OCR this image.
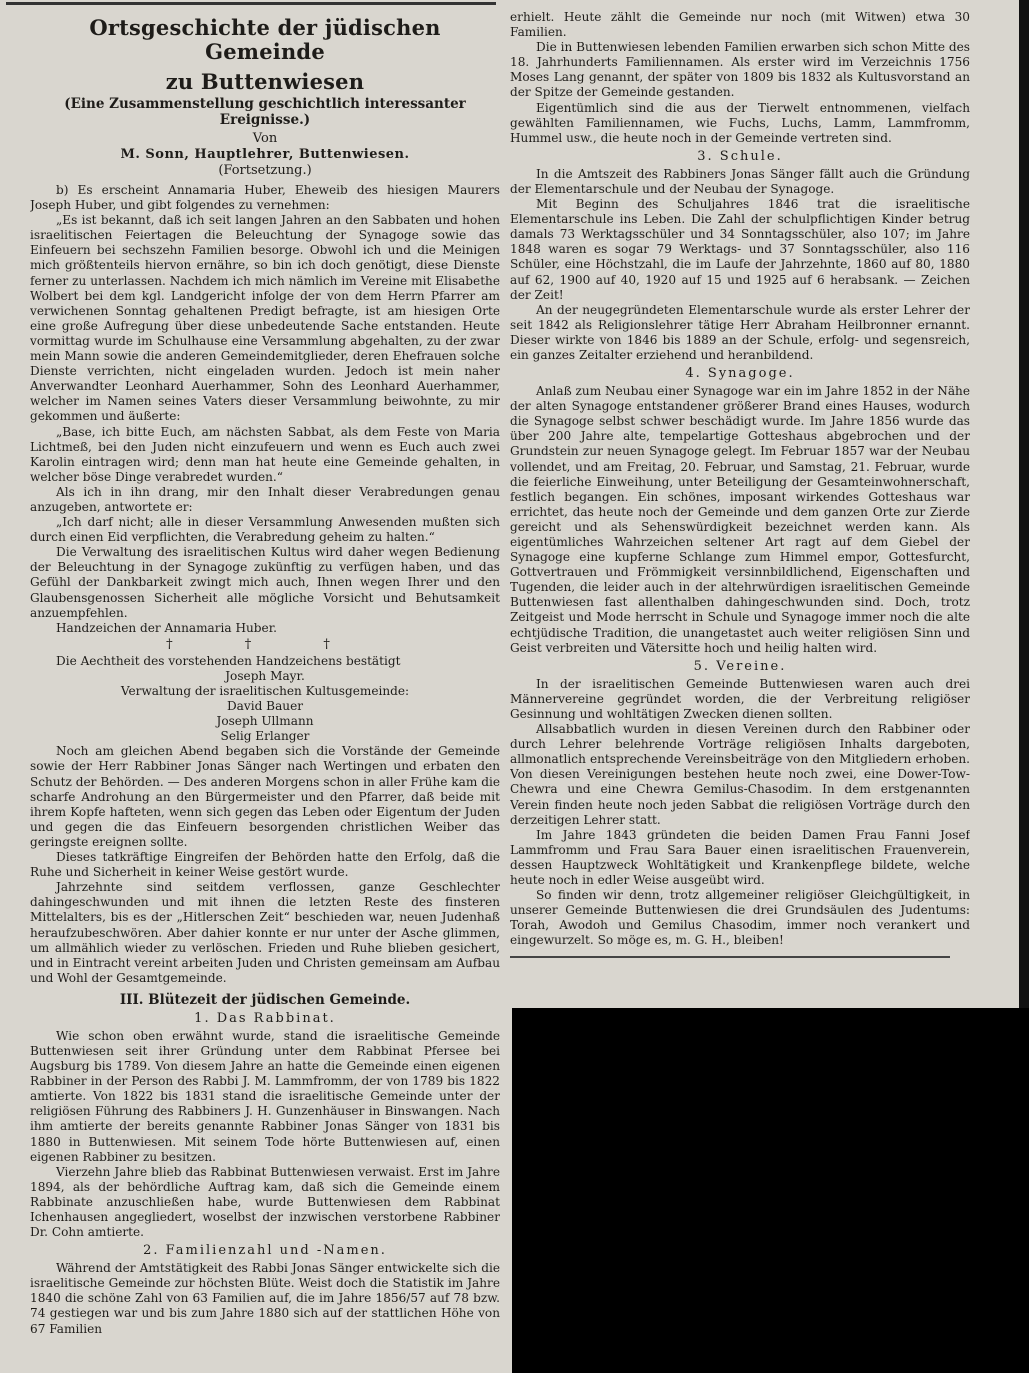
Ortsgeschichte der jüdischen Gemeinde
zu Buttenwiesen
(Eine Zusammenstellung geschichtlich interessanter Ereignisse.)
Von
M. Sonn, Hauptlehrer, Buttenwiesen.
(Fortsetzung.)

b) Es erscheint Annamaria Huber, Eheweib des hiesigen Maurers Joseph Huber, und gibt folgendes zu vernehmen:

„Es ist bekannt, daß ich seit langen Jahren an den Sabbaten und hohen israelitischen Feiertagen die Beleuchtung der Synagoge sowie das Einfeuern bei sechszehn Familien besorge. Obwohl ich und die Meinigen mich größtenteils hiervon ernähre, so bin ich doch genötigt, diese Dienste ferner zu unterlassen. Nachdem ich mich nämlich im Vereine mit Elisabethe Wolbert bei dem kgl. Landgericht infolge der von dem Herrn Pfarrer am verwichenen Sonntag gehaltenen Predigt befragte, ist am hiesigen Orte eine große Aufregung über diese unbedeutende Sache entstanden. Heute vormittag wurde im Schulhause eine Versammlung abgehalten, zu der zwar mein Mann sowie die anderen Gemeindemitglieder, deren Ehefrauen solche Dienste verrichten, nicht eingeladen wurden. Jedoch ist mein naher Anverwandter Leonhard Auerhammer, Sohn des Leonhard Auerhammer, welcher im Namen seines Vaters dieser Versammlung beiwohnte, zu mir gekommen und äußerte:

„Base, ich bitte Euch, am nächsten Sabbat, als dem Feste von Maria Lichtmeß, bei den Juden nicht einzufeuern und wenn es Euch auch zwei Karolin eintragen wird; denn man hat heute eine Gemeinde gehalten, in welcher böse Dinge verabredet wurden.“

Als ich in ihn drang, mir den Inhalt dieser Verabredungen genau anzugeben, antwortete er:

„Ich darf nicht; alle in dieser Versammlung Anwesenden mußten sich durch einen Eid verpflichten, die Verabredung geheim zu halten.“

Die Verwaltung des israelitischen Kultus wird daher wegen Bedienung der Beleuchtung in der Synagoge zukünftig zu verfügen haben, und das Gefühl der Dankbarkeit zwingt mich auch, Ihnen wegen Ihrer und den Glaubensgenossen Sicherheit alle mögliche Vorsicht und Behutsamkeit anzuempfehlen.

Handzeichen der Annamaria Huber.

† † †

Die Aechtheit des vorstehenden Handzeichens bestätigt

Joseph Mayr.
Verwaltung der israelitischen Kultusgemeinde:
David Bauer
Joseph Ullmann
Selig Erlanger

Noch am gleichen Abend begaben sich die Vorstände der Gemeinde sowie der Herr Rabbiner Jonas Sänger nach Wertingen und erbaten den Schutz der Behörden. — Des anderen Morgens schon in aller Frühe kam die scharfe Androhung an den Bürgermeister und den Pfarrer, daß beide mit ihrem Kopfe hafteten, wenn sich gegen das Leben oder Eigentum der Juden und gegen die das Einfeuern besorgenden christlichen Weiber das geringste ereignen sollte.

Dieses tatkräftige Eingreifen der Behörden hatte den Erfolg, daß die Ruhe und Sicherheit in keiner Weise gestört wurde.

Jahrzehnte sind seitdem verflossen, ganze Geschlechter dahingeschwunden und mit ihnen die letzten Reste des finsteren Mittelalters, bis es der „Hitlerschen Zeit“ beschieden war, neuen Judenhaß heraufzubeschwören. Aber dahier konnte er nur unter der Asche glimmen, um allmählich wieder zu verlöschen. Frieden und Ruhe blieben gesichert, und in Eintracht vereint arbeiten Juden und Christen gemeinsam am Aufbau und Wohl der Gesamtgemeinde.

III. Blütezeit der jüdischen Gemeinde.
1. Das Rabbinat.

Wie schon oben erwähnt wurde, stand die israelitische Gemeinde Buttenwiesen seit ihrer Gründung unter dem Rabbinat Pfersee bei Augsburg bis 1789. Von diesem Jahre an hatte die Gemeinde einen eigenen Rabbiner in der Person des Rabbi J. M. Lammfromm, der von 1789 bis 1822 amtierte. Von 1822 bis 1831 stand die israelitische Gemeinde unter der religiösen Führung des Rabbiners J. H. Gunzenhäuser in Binswangen. Nach ihm amtierte der bereits genannte Rabbiner Jonas Sänger von 1831 bis 1880 in Buttenwiesen. Mit seinem Tode hörte Buttenwiesen auf, einen eigenen Rabbiner zu besitzen.

Vierzehn Jahre blieb das Rabbinat Buttenwiesen verwaist. Erst im Jahre 1894, als der behördliche Auftrag kam, daß sich die Gemeinde einem Rabbinate anzuschließen habe, wurde Buttenwiesen dem Rabbinat Ichenhausen angegliedert, woselbst der inzwischen verstorbene Rabbiner Dr. Cohn amtierte.

2. Familienzahl und -Namen.

Während der Amtstätigkeit des Rabbi Jonas Sänger entwickelte sich die israelitische Gemeinde zur höchsten Blüte. Weist doch die Statistik im Jahre 1840 die schöne Zahl von 63 Familien auf, die im Jahre 1856/57 auf 78 bzw. 74 gestiegen war und bis zum Jahre 1880 sich auf der stattlichen Höhe von 67 Familien

erhielt. Heute zählt die Gemeinde nur noch (mit Witwen) etwa 30 Familien.

Die in Buttenwiesen lebenden Familien erwarben sich schon Mitte des 18. Jahrhunderts Familiennamen. Als erster wird im Verzeichnis 1756 Moses Lang genannt, der später von 1809 bis 1832 als Kultusvorstand an der Spitze der Gemeinde gestanden.

Eigentümlich sind die aus der Tierwelt entnommenen, vielfach gewählten Familiennamen, wie Fuchs, Luchs, Lamm, Lammfromm, Hummel usw., die heute noch in der Gemeinde vertreten sind.

3. Schule.

In die Amtszeit des Rabbiners Jonas Sänger fällt auch die Gründung der Elementarschule und der Neubau der Synagoge.

Mit Beginn des Schuljahres 1846 trat die israelitische Elementarschule ins Leben. Die Zahl der schulpflichtigen Kinder betrug damals 73 Werktagsschüler und 34 Sonntagsschüler, also 107; im Jahre 1848 waren es sogar 79 Werktags- und 37 Sonntagsschüler, also 116 Schüler, eine Höchstzahl, die im Laufe der Jahrzehnte, 1860 auf 80, 1880 auf 62, 1900 auf 40, 1920 auf 15 und 1925 auf 6 herabsank. — Zeichen der Zeit!

An der neugegründeten Elementarschule wurde als erster Lehrer der seit 1842 als Religionslehrer tätige Herr Abraham Heilbronner ernannt. Dieser wirkte von 1846 bis 1889 an der Schule, erfolg- und segensreich, ein ganzes Zeitalter erziehend und heranbildend.

4. Synagoge.

Anlaß zum Neubau einer Synagoge war ein im Jahre 1852 in der Nähe der alten Synagoge entstandener größerer Brand eines Hauses, wodurch die Synagoge selbst schwer beschädigt wurde. Im Jahre 1856 wurde das über 200 Jahre alte, tempelartige Gotteshaus abgebrochen und der Grundstein zur neuen Synagoge gelegt. Im Februar 1857 war der Neubau vollendet, und am Freitag, 20. Februar, und Samstag, 21. Februar, wurde die feierliche Einweihung, unter Beteiligung der Gesamteinwohnerschaft, festlich begangen. Ein schönes, imposant wirkendes Gotteshaus war errichtet, das heute noch der Gemeinde und dem ganzen Orte zur Zierde gereicht und als Sehenswürdigkeit bezeichnet werden kann. Als eigentümliches Wahrzeichen seltener Art ragt auf dem Giebel der Synagoge eine kupferne Schlange zum Himmel empor, Gottesfurcht, Gottvertrauen und Frömmigkeit versinnbildlichend, Eigenschaften und Tugenden, die leider auch in der altehrwürdigen israelitischen Gemeinde Buttenwiesen fast allenthalben dahingeschwunden sind. Doch, trotz Zeitgeist und Mode herrscht in Schule und Synagoge immer noch die alte echtjüdische Tradition, die unangetastet auch weiter religiösen Sinn und Geist verbreiten und Vätersitte hoch und heilig halten wird.

5. Vereine.

In der israelitischen Gemeinde Buttenwiesen waren auch drei Männervereine gegründet worden, die der Verbreitung religiöser Gesinnung und wohltätigen Zwecken dienen sollten.

Allsabbatlich wurden in diesen Vereinen durch den Rabbiner oder durch Lehrer belehrende Vorträge religiösen Inhalts dargeboten, allmonatlich entsprechende Vereinsbeiträge von den Mitgliedern erhoben. Von diesen Vereinigungen bestehen heute noch zwei, eine Dower-Tow-Chewra und eine Chewra Gemilus-Chasodim. In dem erstgenannten Verein finden heute noch jeden Sabbat die religiösen Vorträge durch den derzeitigen Lehrer statt.

Im Jahre 1843 gründeten die beiden Damen Frau Fanni Josef Lammfromm und Frau Sara Bauer einen israelitischen Frauenverein, dessen Hauptzweck Wohltätigkeit und Krankenpflege bildete, welche heute noch in edler Weise ausgeübt wird.

So finden wir denn, trotz allgemeiner religiöser Gleichgültigkeit, in unserer Gemeinde Buttenwiesen die drei Grundsäulen des Judentums: Torah, Awodoh und Gemilus Chasodim, immer noch verankert und eingewurzelt. So möge es, m. G. H., bleiben!
